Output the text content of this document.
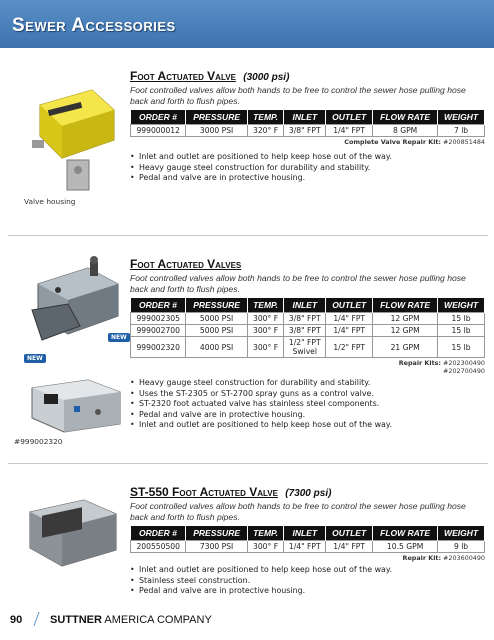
Sewer Accessories
Valve housing
Foot Actuated Valve (3000 psi)
Foot controlled valves allow both hands to be free to control the sewer hose pulling hose back and forth to flush pipes.
ORDER #	PRESSURE	TEMP.	INLET	OUTLET	FLOW RATE	WEIGHT
999000012	3000 PSI	320° F	3/8" FPT	1/4" FPT	8 GPM	7 lb
Complete Valve Repair Kit: #200851484
• Inlet and outlet are positioned to help keep hose out of the way.
• Heavy gauge steel construction for durability and stability.
• Pedal and valve are in protective housing.
NEW
NEW
#999002320
Foot Actuated Valves
Foot controlled valves allow both hands to be free to control the sewer hose pulling hose back and forth to flush pipes.
ORDER #	PRESSURE	TEMP.	INLET	OUTLET	FLOW RATE	WEIGHT
999002305	5000 PSI	300° F	3/8" FPT	1/4" FPT	12 GPM	15 lb
999002700	5000 PSI	300° F	3/8" FPT	1/4" FPT	12 GPM	15 lb
999002320	4000 PSI	300° F	1/2" FPT Swivel	1/2" FPT	21 GPM	15 lb
Repair Kits: #202300490
#202700490
• Heavy gauge steel construction for durability and stability.
• Uses the ST-2305 or ST-2700 spray guns as a control valve.
• ST-2320 foot actuated valve has stainless steel components.
• Pedal and valve are in protective housing.
• Inlet and outlet are positioned to help keep hose out of the way.
ST-550 Foot Actuated Valve (7300 psi)
Foot controlled valves allow both hands to be free to control the sewer hose pulling hose back and forth to flush pipes.
ORDER #	PRESSURE	TEMP.	INLET	OUTLET	FLOW RATE	WEIGHT
200550500	7300 PSI	300° F	1/4" FPT	1/4" FPT	10.5 GPM	9 lb
Repair Kit: #203600490
• Inlet and outlet are positioned to help keep hose out of the way.
• Stainless steel construction.
• Pedal and valve are in protective housing.
90	SUTTNER AMERICA COMPANY
